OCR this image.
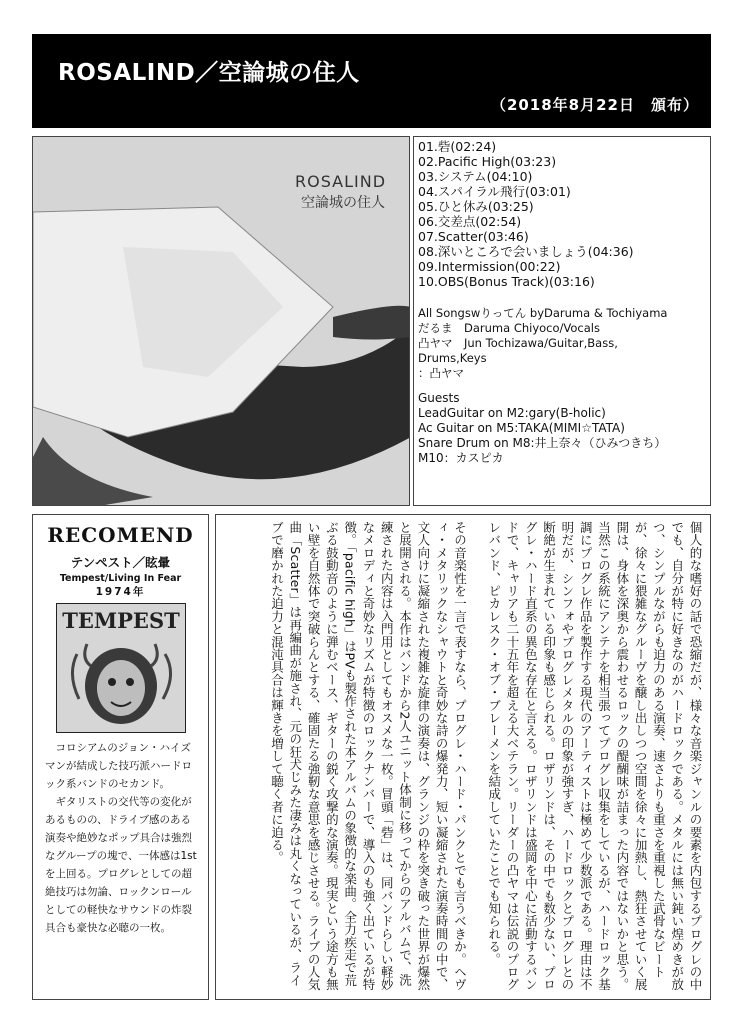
ROSALIND／空論城の住人
（2018年8月22日　頒布）
ROSALIND
空論城の住人
01.砦(02:24)
02.Pacific High(03:23)
03.システム(04:10)
04.スパイラル飛行(03:01)
05.ひと休み(03:25)
06.交差点(02:54)
07.Scatter(03:46)
08.深いところで会いましょう(04:36)
09.Intermission(00:22)
10.OBS(Bonus Track)(03:16)
All Songswりってん byDaruma & Tochiyama
だるま　Daruma Chiyoco/Vocals
凸ヤマ　Jun Tochizawa/Guitar,Bass,
Drums,Keys
：凸ヤマ
Guests
LeadGuitar on M2:gary(B-holic)
Ac Guitar on M5:TAKA(MIMI☆TATA)
Snare Drum on M8:井上奈々（ひみつきち）
M10：カスピカ
RECOMEND
テンペスト／眩暈
Tempest/Living In Fear
1974年
TEMPEST

コロシアムのジョン・ハイズマンが結成した技巧派ハードロック系バンドのセカンド。

ギタリストの交代等の変化があるものの、ドライブ感のある演奏や絶妙なポップ具合は強烈なグループの塊で、一体感は1stを上回る。プログレとしての超絶技巧は勿論、ロックンロールとしての軽快なサウンドの炸裂具合も豪快な必聴の一枚。	個人的な嗜好の話で恐縮だが、様々な音楽ジャンルの要素を内包するプログレの中でも、自分が特に好きなのがハードロックである。メタルには無い鈍い煌めきが放つ、シンプルながらも迫力のある演奏、速さよりも重さを重視した武骨なビートが、徐々に猥雑なグルーヴを醸し出しつつ空間を徐々に加熱し、熱狂させていく展開は、身体を深奥から震わせるロックの醍醐味が詰まった内容ではないかと思う。当然この系統にアンテナを相当張ってプログレ収集をしているが、ハードロック基調にプログレ作品を製作する現代のアーティストは極めて少数派である。理由は不明だが、シンフォやプログレメタルの印象が強すぎ、ハードロックとプログレとの断絶が生まれている印象も感じられる。ロザリンドは、その中でも数少ない、プログレ・ハード直系の異色な存在と言える。ロザリンドは盛岡を中心に活動するバンドで、キャリアも二十五年を超える大ベテラン。リーダーの凸ヤマは伝説のプログレバンド、ピカレスク・オブ・ブレーメンを結成していたことでも知られる。

その音楽性を一言で表すなら、プログレ・ハード・パンクとでも言うべきか。ヘヴィ・メタリックなシャウトと奇妙な詩の爆発力、短い凝縮された演奏時間の中で、文人向けに凝縮された複雑な旋律の演奏は、グランジの枠を突き破った世界が爆然と展開される。本作はバンドから2人ユニット体制に移ってからのアルバムで、洗練された内容は入門用としてもオスメな一枚。冒頭「砦」は、同バンドらしい軽妙なメロディと奇妙なリズムが特徴のロックナンバーで、導入のも強く出ているが特徴。「pacific high」はPVも製作された本アルバムの象徴的な楽曲。全力疾走で荒ぶる鼓動音のように弾むベース、ギターの鋭く攻撃的な演奏。現実という途方も無い壁を自然体で突破らんとする、確固たる強靭な意思を感じさせる。ライブの人気曲「Scatter」は再編曲が施され、元の狂犬じみた凄みは丸くなっているが、ライブで磨かれた迫力と混沌具合は輝きを増して聴く者に迫る。
